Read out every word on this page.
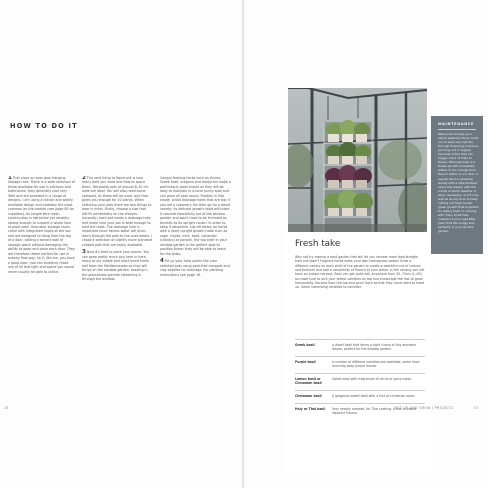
HOW TO DO IT

1First place an over-door hanging storage rack. There is a wide selection of these available for use in kitchens and bathrooms; they generally cost very little and are available in a range of designs. I am using a classic and widely available design and probably the most common on the market (see page 00 for suppliers). As simple wire mesh construction is attractive yet sensibly strong enough to support a whole host of plant pots. Over-door storage racks come with integrated hooks at the top and are designed to hang from the top of a door, adding a second wall of storage space without damaging the ability to open and close each door. They are therefore rather perfect for use in exactly that way, so if, like me, you have a glass door, you can suddenly make use of all that light and space you would never usually be able to utilise.

2The next thing to figure out is how many pots you need and how to space them. Terracotta pots of around 8–10 cm wide are ideal. You will also need some compost, as these will be used, and that gives you enough for 10 plants. When selecting your pots there are two things to bear in mind. Firstly, choose a size that will fit comfortably on the shelves. Secondly, each pot needs a drainage hole, and make sure your pot is wide enough to hold the roots. The drainage hole is important since excess water will drain down through the pots to the ones below. I chose a selection of slightly more standard shaped pots that are easily available.

3Now it's time to plant your plants. You can grow pretty much any herb in here, many of our staple and most loved herbs hail from the Mediterranean so they will thrive on the window garden, basking in the glasshouse warmth streaming in through the window.

Compo-forming herbs such as thyme, Greek basil, oregano and marjoram make a particularly good choice as they will be easy to maintain in a local sunny spot and can grow all year round. Position in this shade, avoid drainage holes that are low. If you are a rosemary fan then go for a dwarf variety; its delicate growth habit will make it cascade beautifully out of the window garden and won't have to be trimmed as brutally as its upright cousin. In order to keep it attractive, clip off stems for herbs with a more upright growth habit such as sage, chives, mint, basil, coriander (cilantro) or parsley, the top shelf in your window garden is the perfect spot to position these; they will be able to reach for the sides.

4Fill up your herb plants like your selected pots using peat-free compost and clay pebbles for drainage. For planting instructions see page 16.

16
Fresh take
Why not try making a basil garden that will let you harvest more food straight from the plant? Fragrant herbs make your own homegrown pesto! Grow a different variety on each shelf of the garden to create a beautiful mix of colours and textures and add a complexity of flavour to your pesto. In the coming you will have an instant harvest. Basil can get quite tall, anywhere from 30–70cm (1–2ft) so make sure to pick your tallest varieties on top and encourage the rest to grow horizontally. Harvest from the top and pinch back so that they never start to head up. Some interesting varieties to consider:
Greek basil	A dwarf basil that forms a tight clump of tiny aromatic leaves, perfect for the window garden.
Purple basil	A number of different varieties are available, some have stunning deep purple leaves.
Lemon basil or Cinnamon basil	Sweet basil with fragrances of citrus or spicy notes.
Cinnamon basil	A gorgeous sweet basil with a hint of cinnamon spice.
Holy or Thai basil	Very heavily scented, for Thai cooking. It has a unique liquorice flavour.
MAINTENANCE
Make sure to keep your plants watered. Many herbs run to seed very quickly through flowering, however, pinching out or regular harvests of the tops can trigger more of them to flower. Although basil is a flower we still completely edible. It can change their flavour within in our door. A regular feed is essential. Gently with a little fertiliser every few weeks, with the arrival of warm weather or when necessary, and it may well be at any time to keep cutting out fresh tender green growth that is perfect for eating fresh or cooking with. Plus, it will help maintain a nice neat little plant that fits snugly and perfectly in your window garden.
SET UP AND GROW | PROJECTS	17
